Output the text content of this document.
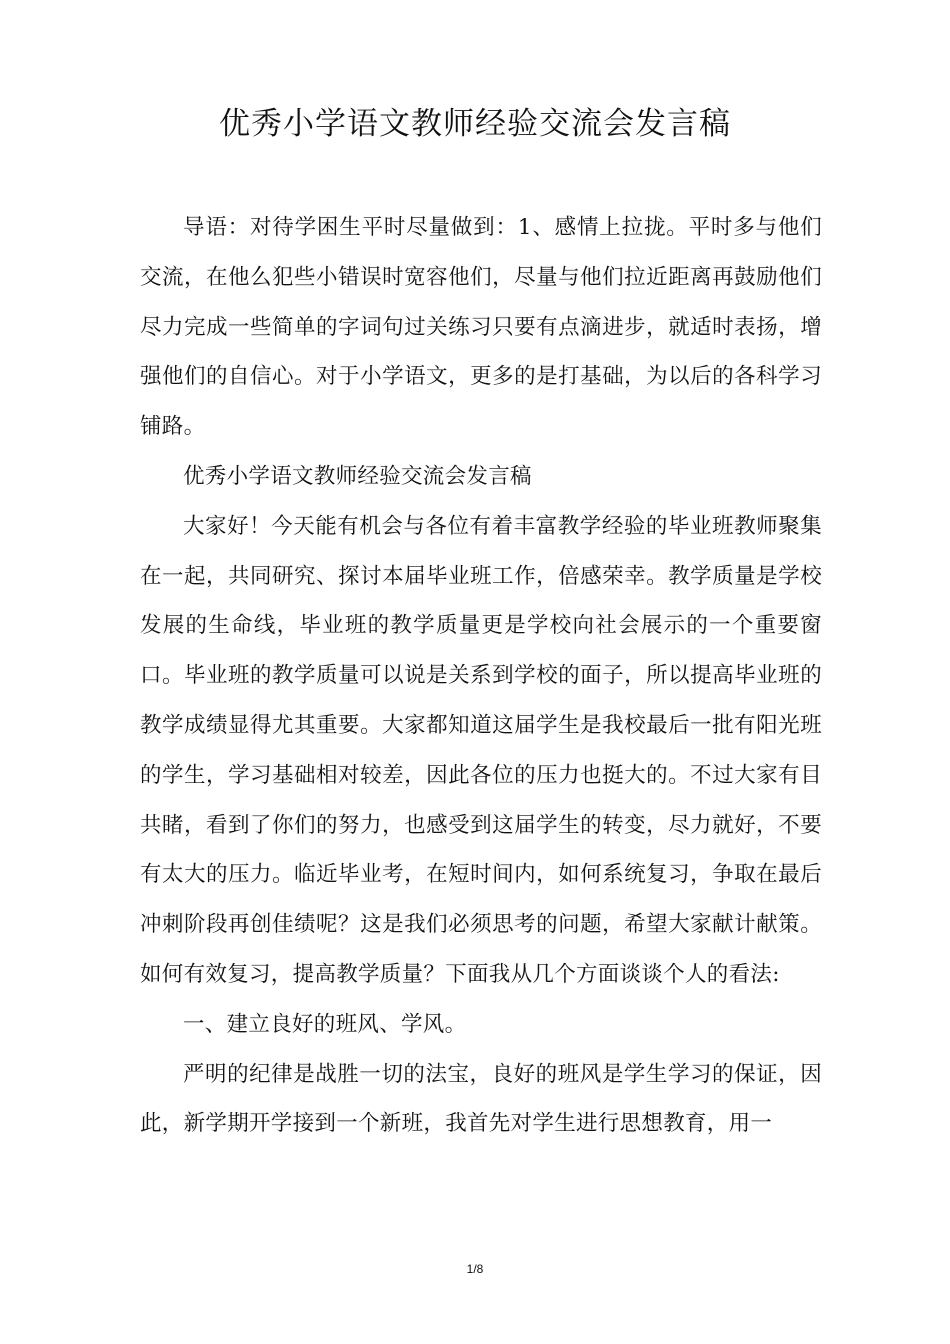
优秀小学语文教师经验交流会发言稿

导语：对待学困生平时尽量做到：1、感情上拉拢。平时多与他们交流，在他么犯些小错误时宽容他们，尽量与他们拉近距离再鼓励他们尽力完成一些简单的字词句过关练习只要有点滴进步，就适时表扬，增强他们的自信心。对于小学语文，更多的是打基础，为以后的各科学习铺路。

优秀小学语文教师经验交流会发言稿

大家好！今天能有机会与各位有着丰富教学经验的毕业班教师聚集在一起，共同研究、探讨本届毕业班工作，倍感荣幸。教学质量是学校发展的生命线，毕业班的教学质量更是学校向社会展示的一个重要窗口。毕业班的教学质量可以说是关系到学校的面子，所以提高毕业班的教学成绩显得尤其重要。大家都知道这届学生是我校最后一批有阳光班的学生，学习基础相对较差，因此各位的压力也挺大的。不过大家有目共睹，看到了你们的努力，也感受到这届学生的转变，尽力就好，不要有太大的压力。临近毕业考，在短时间内，如何系统复习，争取在最后冲刺阶段再创佳绩呢？这是我们必须思考的问题，希望大家献计献策。如何有效复习，提高教学质量？下面我从几个方面谈谈个人的看法:

一、建立良好的班风、学风。

严明的纪律是战胜一切的法宝，良好的班风是学生学习的保证，因此，新学期开学接到一个新班，我首先对学生进行思想教育，用一

1/8
